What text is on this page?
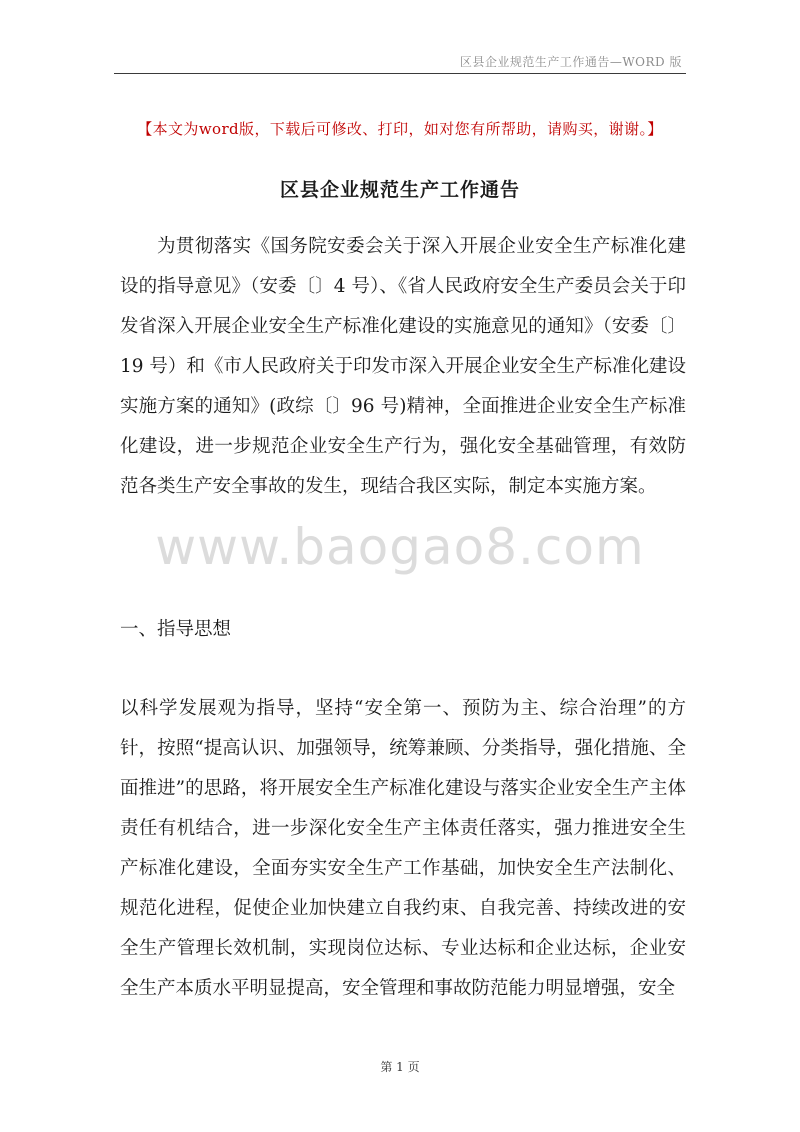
区县企业规范生产工作通告—WORD 版
【本文为word版，下载后可修改、打印，如对您有所帮助，请购买，谢谢。】
区县企业规范生产工作通告

为贯彻落实《国务院安委会关于深入开展企业安全生产标准化建设的指导意见》（安委〔〕4 号）、《省人民政府安全生产委员会关于印发省深入开展企业安全生产标准化建设的实施意见的通知》（安委〔〕19 号）和《市人民政府关于印发市深入开展企业安全生产标准化建设实施方案的通知》(政综〔〕96 号)精神，全面推进企业安全生产标准化建设，进一步规范企业安全生产行为，强化安全基础管理，有效防范各类生产安全事故的发生，现结合我区实际，制定本实施方案。

www.baogao8.com
一、指导思想

以科学发展观为指导，坚持“安全第一、预防为主、综合治理”的方针，按照“提高认识、加强领导，统筹兼顾、分类指导，强化措施、全面推进”的思路，将开展安全生产标准化建设与落实企业安全生产主体责任有机结合，进一步深化安全生产主体责任落实，强力推进安全生产标准化建设，全面夯实安全生产工作基础，加快安全生产法制化、规范化进程，促使企业加快建立自我约束、自我完善、持续改进的安全生产管理长效机制，实现岗位达标、专业达标和企业达标，企业安全生产本质水平明显提高，安全管理和事故防范能力明显增强，安全

第 1 页
